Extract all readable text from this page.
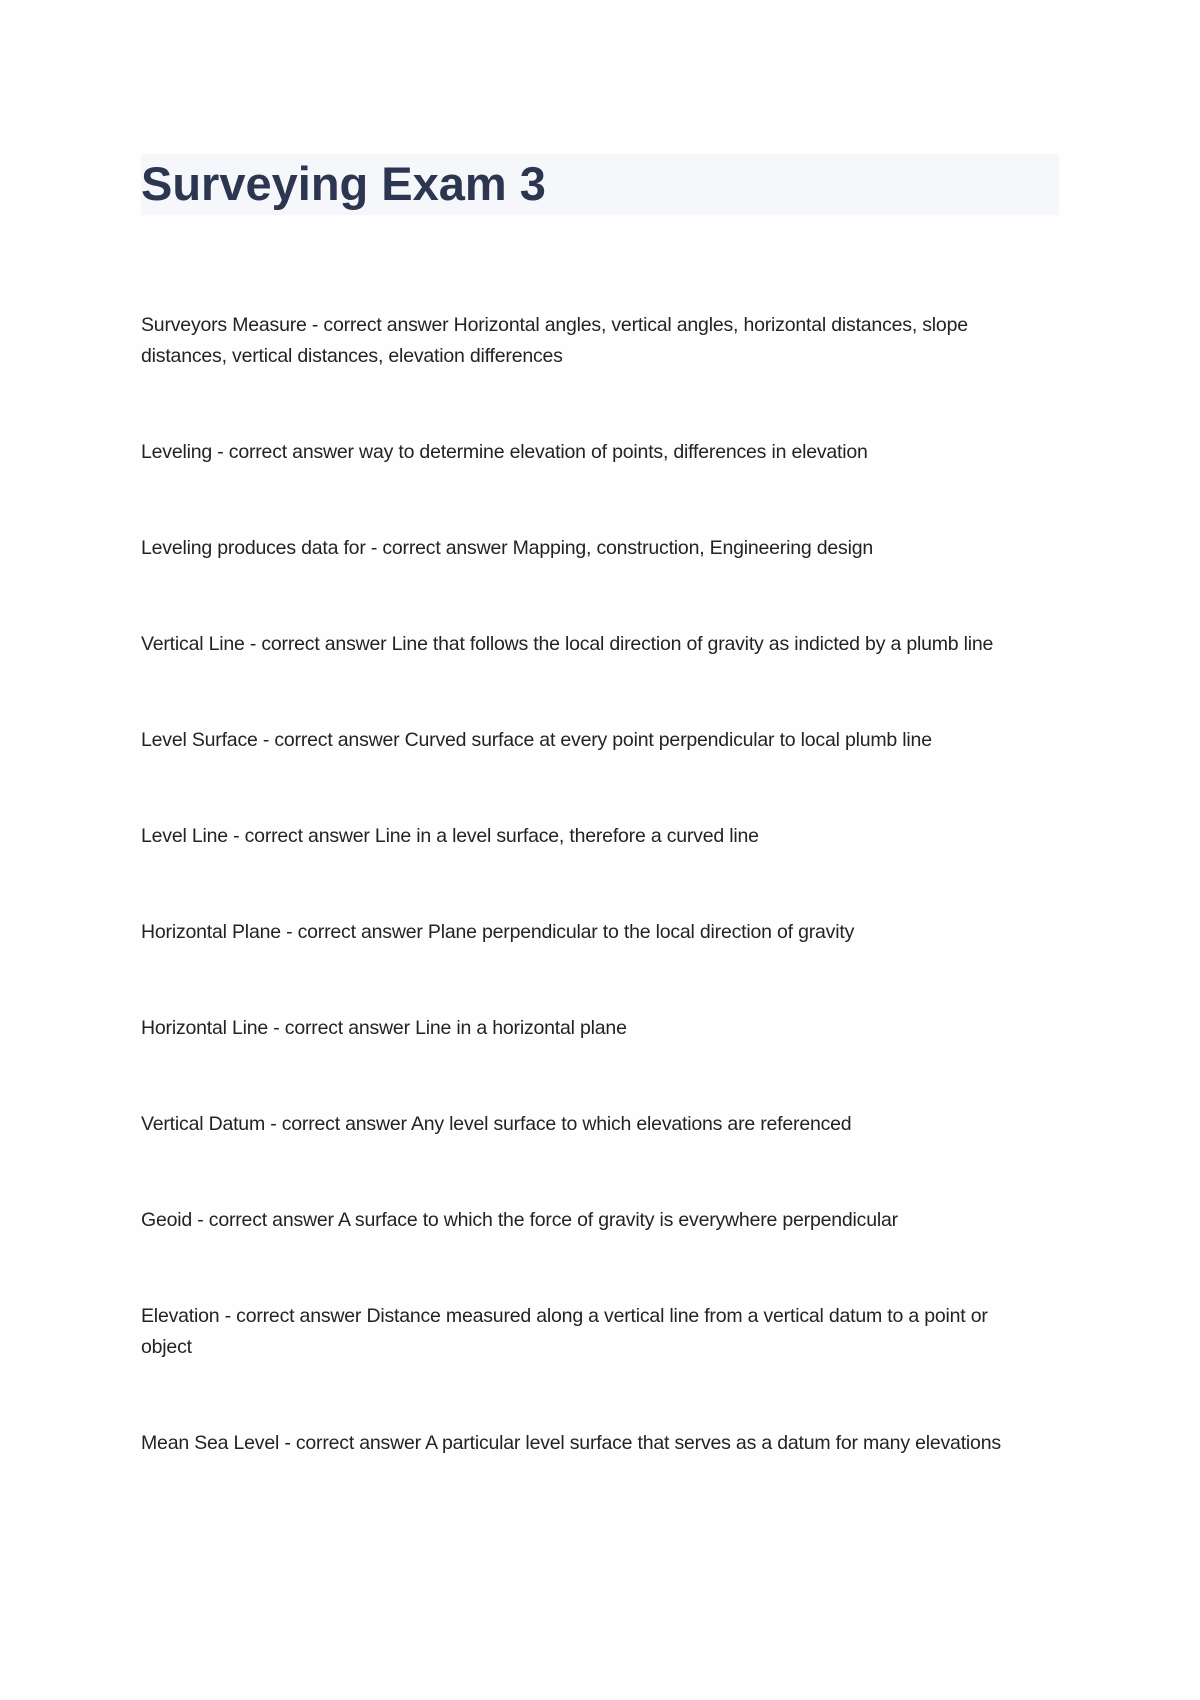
Surveying Exam 3
Surveyors Measure - correct answer Horizontal angles, vertical angles, horizontal distances, slope distances, vertical distances, elevation differences
Leveling - correct answer way to determine elevation of points, differences in elevation
Leveling produces data for - correct answer Mapping, construction, Engineering design
Vertical Line - correct answer Line that follows the local direction of gravity as indicted by a plumb line
Level Surface - correct answer Curved surface at every point perpendicular to local plumb line
Level Line - correct answer Line in a level surface, therefore a curved line
Horizontal Plane - correct answer Plane perpendicular to the local direction of gravity
Horizontal Line - correct answer Line in a horizontal plane
Vertical Datum - correct answer Any level surface to which elevations are referenced
Geoid - correct answer A surface to which the force of gravity is everywhere perpendicular
Elevation - correct answer Distance measured along a vertical line from a vertical datum to a point or object
Mean Sea Level - correct answer A particular level surface that serves as a datum for many elevations
